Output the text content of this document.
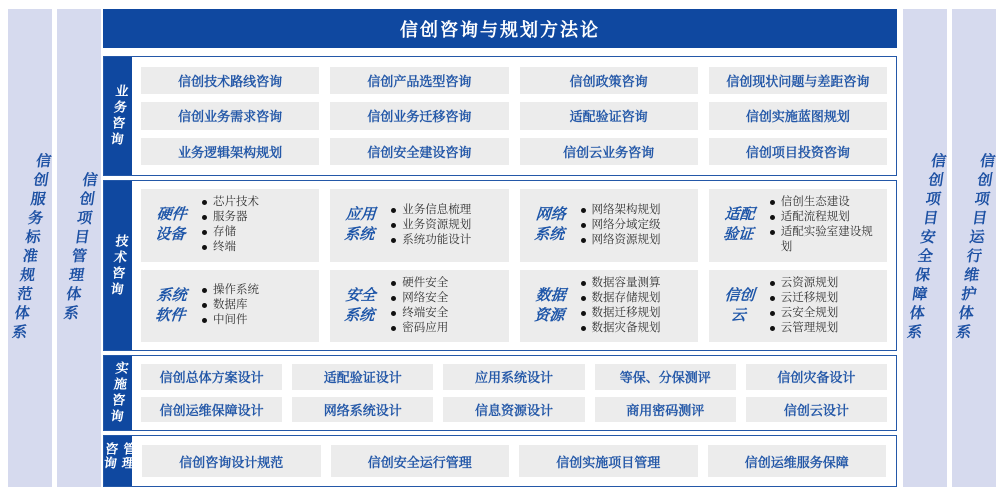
信创服务标准规范体系 信创项目管理体系
信创咨询与规划方法论
业务咨询
信创技术路线咨询	信创产品选型咨询	信创政策咨询	信创现状问题与差距咨询
信创业务需求咨询	信创业务迁移咨询	适配验证咨询	信创实施蓝图规划
业务逻辑架构规划	信创安全建设咨询	信创云业务咨询	信创项目投资咨询
技术咨询
硬件设备
芯片技术
服务器
存储
终端
应用系统
业务信息梳理
业务资源规划
系统功能设计
网络系统
网络架构规划
网络分域定级
网络资源规划
适配验证
信创生态建设
适配流程规划
适配实验室建设规划
系统软件
操作系统
数据库
中间件
安全系统
硬件安全
网络安全
终端安全
密码应用
数据资源
数据容量测算
数据存储规划
数据迁移规划
数据灾备规划
信创云
云资源规划
云迁移规划
云安全规划
云管理规划
实施咨询	信创总体方案设计	适配验证设计	应用系统设计	等保、分保测评	信创灾备设计
信创运维保障设计	网络系统设计	信息资源设计	商用密码测评	信创云设计
咨询管理	信创咨询设计规范	信创安全运行管理	信创实施项目管理	信创运维服务保障
信创项目安全保障体系 信创项目运行维护体系
